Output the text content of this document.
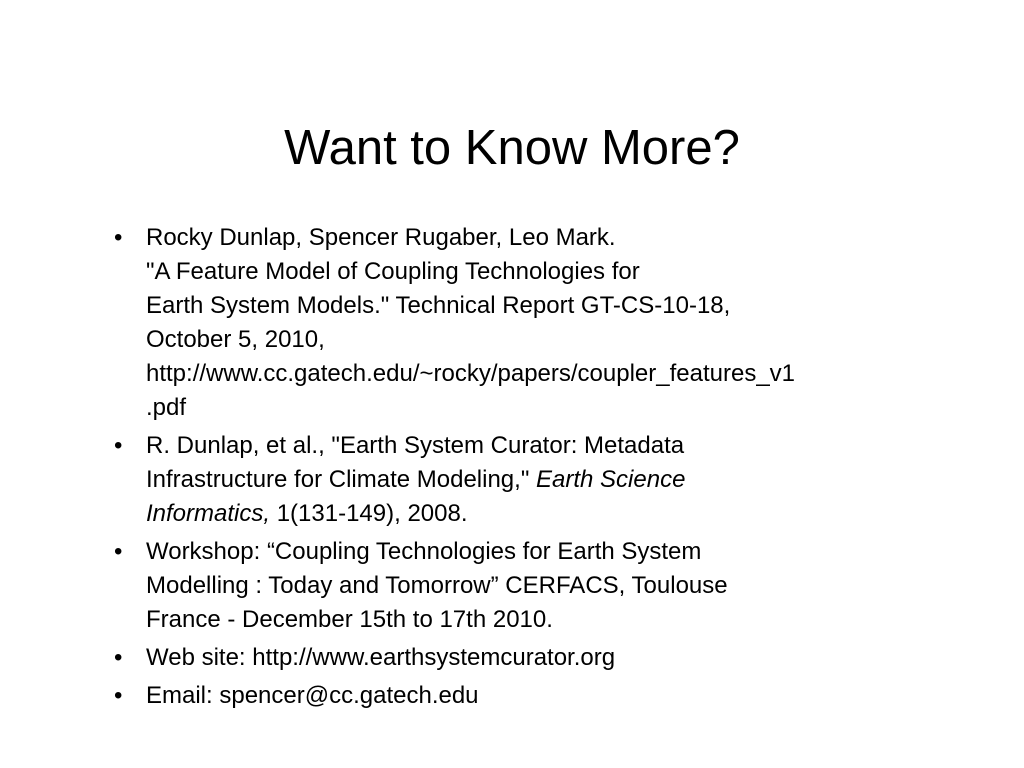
Want to Know More?
• Rocky Dunlap, Spencer Rugaber, Leo Mark.
"A Feature Model of Coupling Technologies for
Earth System Models." Technical Report GT-CS-10-18,
October 5, 2010,
http://www.cc.gatech.edu/~rocky/papers/coupler_features_v1
.pdf
• R. Dunlap, et al., "Earth System Curator: Metadata
Infrastructure for Climate Modeling," Earth Science
Informatics, 1(131-149), 2008.
• Workshop: “Coupling Technologies for Earth System
Modelling : Today and Tomorrow” CERFACS, Toulouse
France - December 15th to 17th 2010.
• Web site: http://www.earthsystemcurator.org
• Email: spencer@cc.gatech.edu
